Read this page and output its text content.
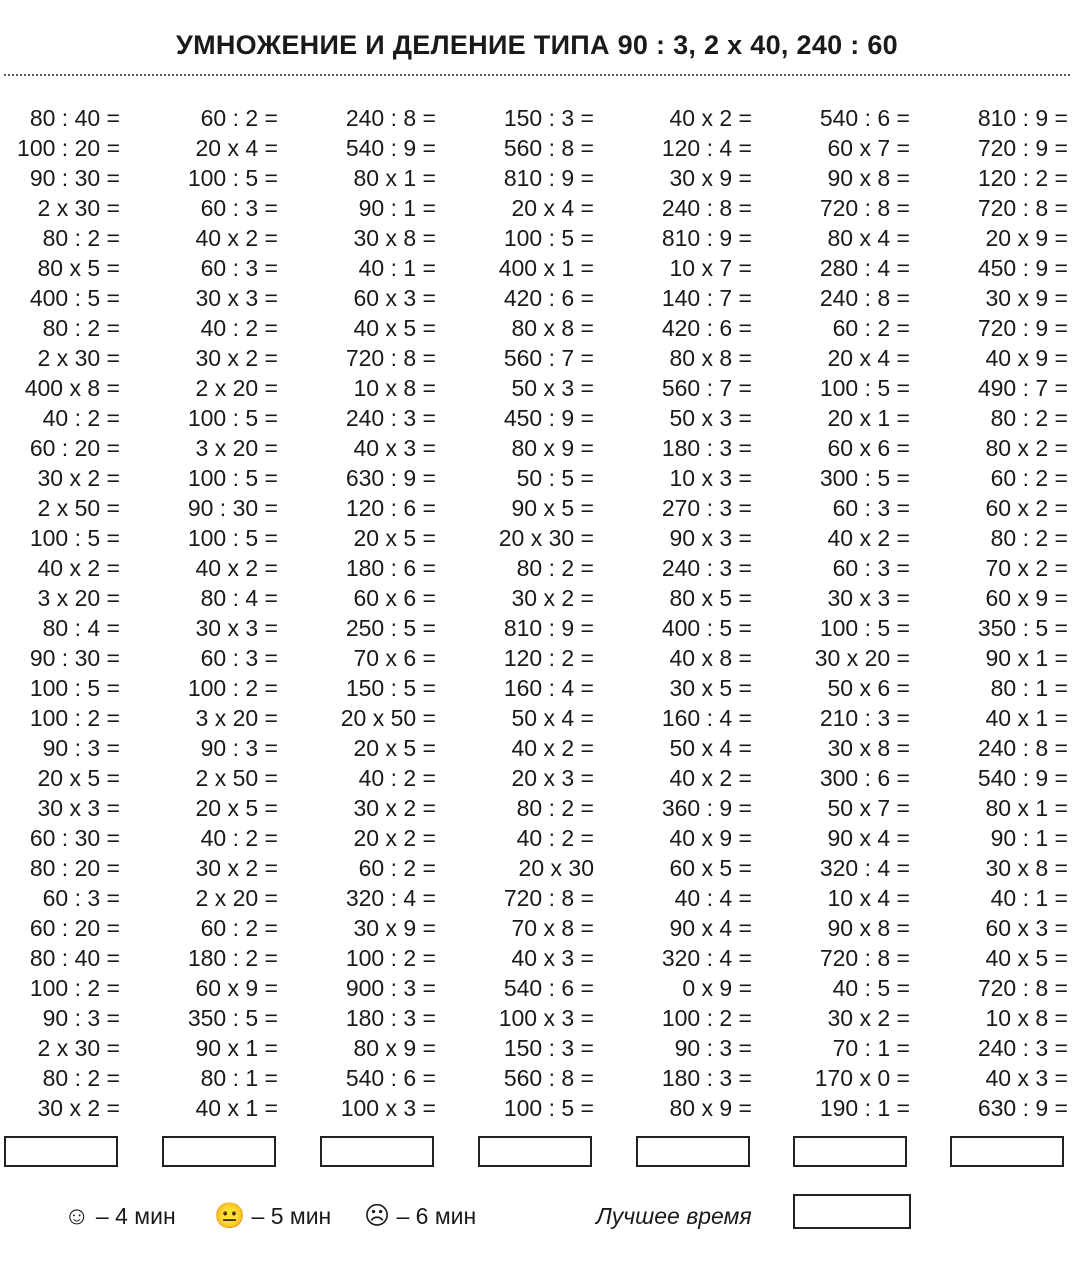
УМНОЖЕНИЕ И ДЕЛЕНИЕ ТИПА 90 : 3, 2 х 40, 240 : 60
80 : 40 =
100 : 20 =
90 : 30 =
2 x 30 =
80 : 2 =
80 x 5 =
400 : 5 =
80 : 2 =
2 x 30 =
400 x 8 =
40 : 2 =
60 : 20 =
30 x 2 =
2 x 50 =
100 : 5 =
40 x 2 =
3 x 20 =
80 : 4 =
90 : 30 =
100 : 5 =
100 : 2 =
90 : 3 =
20 x 5 =
30 x 3 =
60 : 30 =
80 : 20 =
60 : 3 =
60 : 20 =
80 : 40 =
100 : 2 =
90 : 3 =
2 x 30 =
80 : 2 =
30 x 2 =
60 : 2 =
20 x 4 =
100 : 5 =
60 : 3 =
40 x 2 =
60 : 3 =
30 x 3 =
40 : 2 =
30 x 2 =
2 x 20 =
100 : 5 =
3 x 20 =
100 : 5 =
90 : 30 =
100 : 5 =
40 x 2 =
80 : 4 =
30 x 3 =
60 : 3 =
100 : 2 =
3 x 20 =
90 : 3 =
2 x 50 =
20 x 5 =
40 : 2 =
30 x 2 =
2 x 20 =
60 : 2 =
180 : 2 =
60 x 9 =
350 : 5 =
90 x 1 =
80 : 1 =
40 x 1 =
240 : 8 =
540 : 9 =
80 x 1 =
90 : 1 =
30 x 8 =
40 : 1 =
60 x 3 =
40 x 5 =
720 : 8 =
10 x 8 =
240 : 3 =
40 x 3 =
630 : 9 =
120 : 6 =
20 x 5 =
180 : 6 =
60 x 6 =
250 : 5 =
70 x 6 =
150 : 5 =
20 x 50 =
20 x 5 =
40 : 2 =
30 x 2 =
20 x 2 =
60 : 2 =
320 : 4 =
30 x 9 =
100 : 2 =
900 : 3 =
180 : 3 =
80 x 9 =
540 : 6 =
100 x 3 =
150 : 3 =
560 : 8 =
810 : 9 =
20 x 4 =
100 : 5 =
400 x 1 =
420 : 6 =
80 x 8 =
560 : 7 =
50 x 3 =
450 : 9 =
80 x 9 =
50 : 5 =
90 x 5 =
20 x 30 =
80 : 2 =
30 x 2 =
810 : 9 =
120 : 2 =
160 : 4 =
50 x 4 =
40 x 2 =
20 x 3 =
80 : 2 =
40 : 2 =
20 x 30
720 : 8 =
70 x 8 =
40 x 3 =
540 : 6 =
100 x 3 =
150 : 3 =
560 : 8 =
100 : 5 =
40 x 2 =
120 : 4 =
30 x 9 =
240 : 8 =
810 : 9 =
10 x 7 =
140 : 7 =
420 : 6 =
80 x 8 =
560 : 7 =
50 x 3 =
180 : 3 =
10 x 3 =
270 : 3 =
90 x 3 =
240 : 3 =
80 x 5 =
400 : 5 =
40 x 8 =
30 x 5 =
160 : 4 =
50 x 4 =
40 x 2 =
360 : 9 =
40 x 9 =
60 x 5 =
40 : 4 =
90 x 4 =
320 : 4 =
0 x 9 =
100 : 2 =
90 : 3 =
180 : 3 =
80 x 9 =
540 : 6 =
60 x 7 =
90 x 8 =
720 : 8 =
80 x 4 =
280 : 4 =
240 : 8 =
60 : 2 =
20 x 4 =
100 : 5 =
20 x 1 =
60 x 6 =
300 : 5 =
60 : 3 =
40 x 2 =
60 : 3 =
30 x 3 =
100 : 5 =
30 x 20 =
50 x 6 =
210 : 3 =
30 x 8 =
300 : 6 =
50 x 7 =
90 x 4 =
320 : 4 =
10 x 4 =
90 x 8 =
720 : 8 =
40 : 5 =
30 x 2 =
70 : 1 =
170 x 0 =
190 : 1 =
810 : 9 =
720 : 9 =
120 : 2 =
720 : 8 =
20 x 9 =
450 : 9 =
30 x 9 =
720 : 9 =
40 x 9 =
490 : 7 =
80 : 2 =
80 x 2 =
60 : 2 =
60 x 2 =
80 : 2 =
70 x 2 =
60 x 9 =
350 : 5 =
90 x 1 =
80 : 1 =
40 x 1 =
240 : 8 =
540 : 9 =
80 x 1 =
90 : 1 =
30 x 8 =
40 : 1 =
60 x 3 =
40 x 5 =
720 : 8 =
10 x 8 =
240 : 3 =
40 x 3 =
630 : 9 =
☺ – 4 мин 😐 – 5 мин ☹ – 6 мин	Лучшее время
